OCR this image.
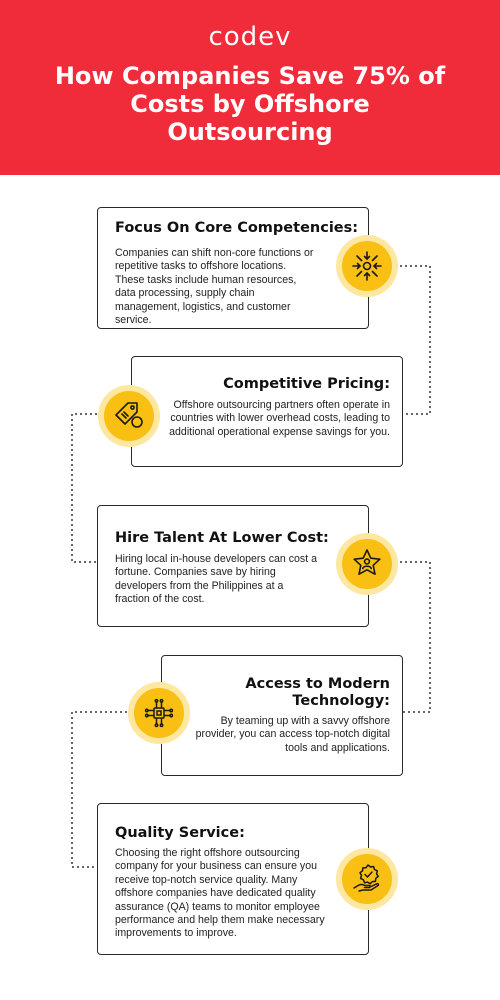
codev
How Companies Save 75% of Costs by Offshore Outsourcing
Focus On Core Competencies:
Companies can shift non-core functions or repetitive tasks to offshore locations. These tasks include human resources, data processing, supply chain management, logistics, and customer service.
Competitive Pricing:
Offshore outsourcing partners often operate in countries with lower overhead costs, leading to additional operational expense savings for you.
Hire Talent At Lower Cost:
Hiring local in-house developers can cost a fortune. Companies save by hiring developers from the Philippines at a fraction of the cost.
Access to Modern Technology:
By teaming up with a savvy offshore provider, you can access top-notch digital tools and applications.
Quality Service:
Choosing the right offshore outsourcing company for your business can ensure you receive top-notch service quality. Many offshore companies have dedicated quality assurance (QA) teams to monitor employee performance and help them make necessary improvements to improve.
